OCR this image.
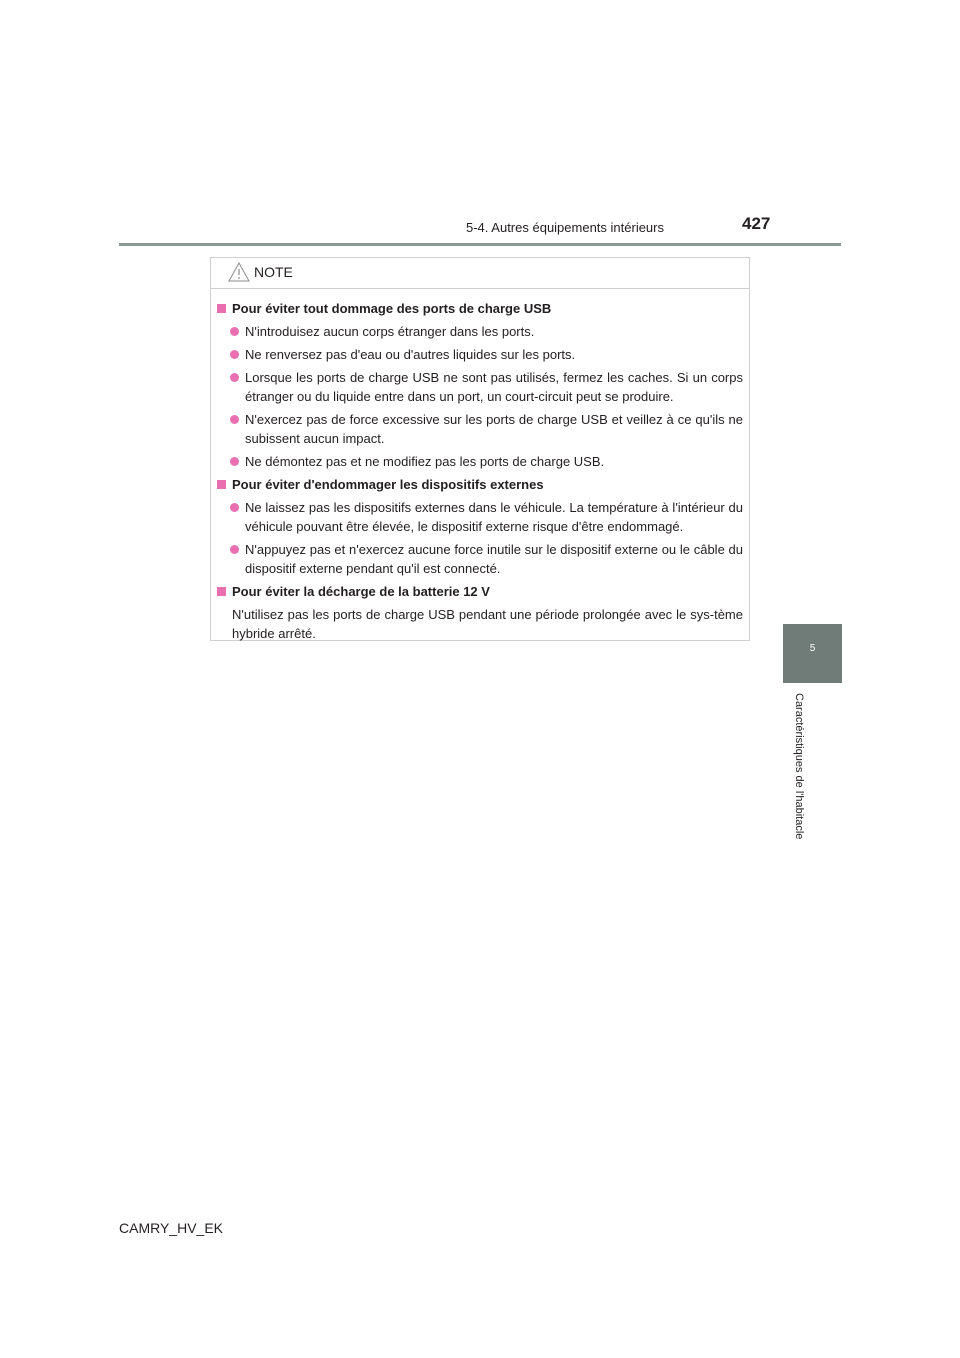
5-4. Autres équipements intérieurs	427
5
Caractéristiques de l'habitacle
NOTE
Pour éviter tout dommage des ports de charge USB
N'introduisez aucun corps étranger dans les ports.
Ne renversez pas d'eau ou d'autres liquides sur les ports.
Lorsque les ports de charge USB ne sont pas utilisés, fermez les caches. Si un corps étranger ou du liquide entre dans un port, un court-circuit peut se produire.
N'exercez pas de force excessive sur les ports de charge USB et veillez à ce qu'ils ne subissent aucun impact.
Ne démontez pas et ne modifiez pas les ports de charge USB.
Pour éviter d'endommager les dispositifs externes
Ne laissez pas les dispositifs externes dans le véhicule. La température à l'intérieur du véhicule pouvant être élevée, le dispositif externe risque d'être endommagé.
N'appuyez pas et n'exercez aucune force inutile sur le dispositif externe ou le câble du dispositif externe pendant qu'il est connecté.
Pour éviter la décharge de la batterie 12 V
N'utilisez pas les ports de charge USB pendant une période prolongée avec le sys-tème hybride arrêté.
CAMRY_HV_EK
